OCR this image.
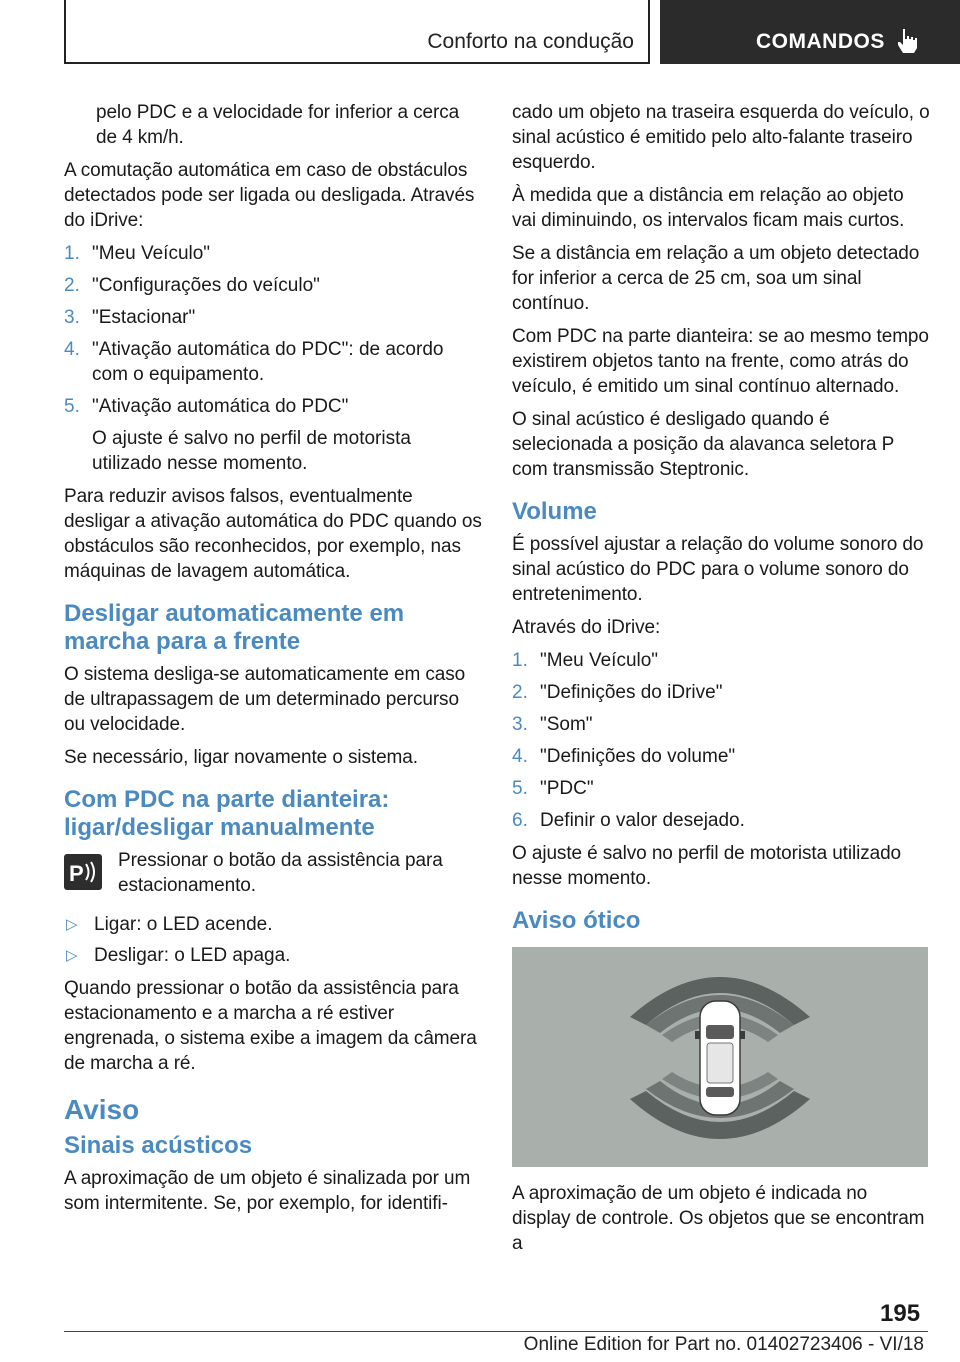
Conforto na condução	COMANDOS

pelo PDC e a velocidade for inferior a cerca de 4 km/h.

A comutação automática em caso de obstáculos detectados pode ser ligada ou desligada. Através do iDrive:

1. "Meu Veículo"
2. "Configurações do veículo"
3. "Estacionar"
4. "Ativação automática do PDC": de acordo com o equipamento.
5. "Ativação automática do PDC"
O ajuste é salvo no perfil de motorista utilizado nesse momento.

Para reduzir avisos falsos, eventualmente desligar a ativação automática do PDC quando os obstáculos são reconhecidos, por exemplo, nas máquinas de lavagem automática.

Desligar automaticamente em marcha para a frente

O sistema desliga-se automaticamente em caso de ultrapassagem de um determinado percurso ou velocidade.

Se necessário, ligar novamente o sistema.

Com PDC na parte dianteira: ligar/desligar manualmente
P

Pressionar o botão da assistência para estacionamento.

▷ Ligar: o LED acende.
▷ Desligar: o LED apaga.

Quando pressionar o botão da assistência para estacionamento e a marcha a ré estiver engrenada, o sistema exibe a imagem da câmera de marcha a ré.

Aviso
Sinais acústicos

A aproximação de um objeto é sinalizada por um som intermitente. Se, por exemplo, for identifi-

cado um objeto na traseira esquerda do veículo, o sinal acústico é emitido pelo alto-falante traseiro esquerdo.

À medida que a distância em relação ao objeto vai diminuindo, os intervalos ficam mais curtos.

Se a distância em relação a um objeto detectado for inferior a cerca de 25 cm, soa um sinal contínuo.

Com PDC na parte dianteira: se ao mesmo tempo existirem objetos tanto na frente, como atrás do veículo, é emitido um sinal contínuo alternado.

O sinal acústico é desligado quando é selecionada a posição da alavanca seletora P com transmissão Steptronic.

Volume

É possível ajustar a relação do volume sonoro do sinal acústico do PDC para o volume sonoro do entretenimento.

Através do iDrive:

1. "Meu Veículo"
2. "Definições do iDrive"
3. "Som"
4. "Definições do volume"
5. "PDC"
6. Definir o valor desejado.

O ajuste é salvo no perfil de motorista utilizado nesse momento.

Aviso ótico

A aproximação de um objeto é indicada no display de controle. Os objetos que se encontram a

195
Online Edition for Part no. 01402723406 - VI/18
